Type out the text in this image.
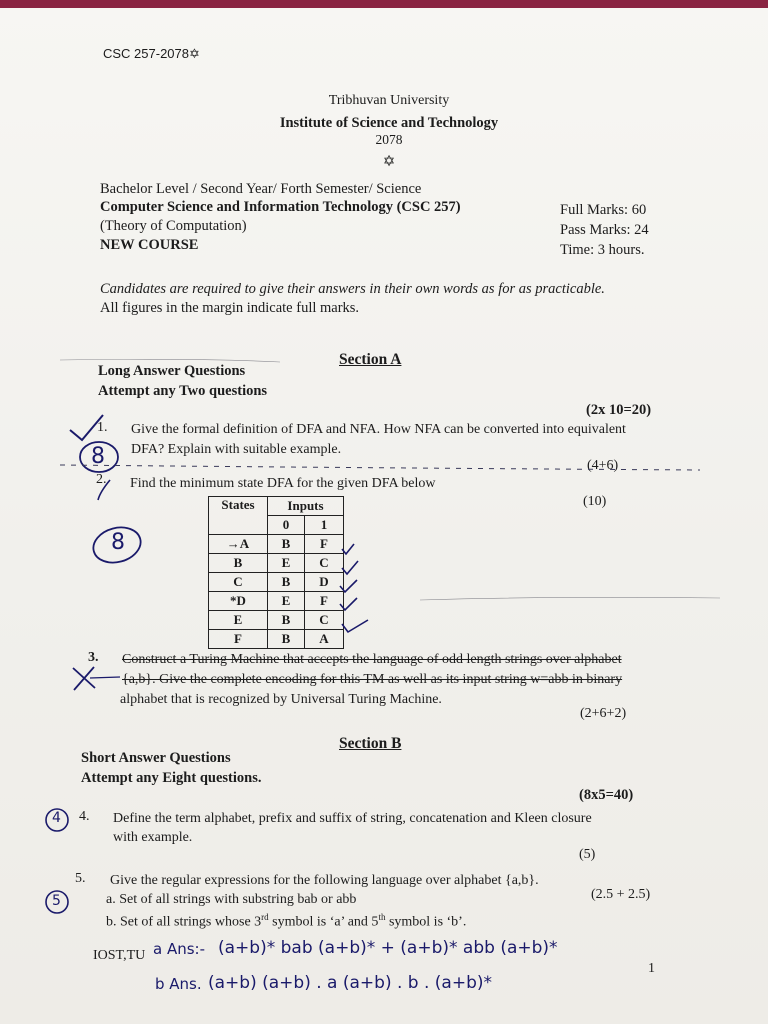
CSC 257-2078✡
Tribhuvan University
Institute of Science and Technology
2078
✡
Bachelor Level / Second Year/ Forth Semester/ Science
Computer Science and Information Technology (CSC 257)
(Theory of Computation)
NEW COURSE
Full Marks: 60
Pass Marks: 24
Time: 3 hours.
Candidates are required to give their answers in their own words as for as practicable.
All figures in the margin indicate full marks.
Section A
Long Answer Questions
Attempt any Two questions
(2x 10=20)
1. Give the formal definition of DFA and NFA. How NFA can be converted into equivalent
DFA? Explain with suitable example.
(4+6)
2. Find the minimum state DFA for the given DFA below
(10)
States	Inputs	
	0	1
→A	B	F
B	E	C
C	B	D
*D	E	F
E	B	C
F	B	A
3. Construct a Turing Machine that accepts the language of odd length strings over alphabet
{a,b}. Give the complete encoding for this TM as well as its input string w=abb in binary
alphabet that is recognized by Universal Turing Machine.
(2+6+2)
Section B
Short Answer Questions
Attempt any Eight questions.
(8x5=40)
4. Define the term alphabet, prefix and suffix of string, concatenation and Kleen closure
with example.
(5)
5. Give the regular expressions for the following language over alphabet {a,b}.
(2.5 + 2.5)
a. Set of all strings with substring bab or abb
b. Set of all strings whose 3rd symbol is ‘a’ and 5th symbol is ‘b’.
IOST,TU
1
a Ans:- (a+b)* bab (a+b)* + (a+b)* abb (a+b)*
b Ans. (a+b) (a+b) . a (a+b) . b . (a+b)*
8
8
4
5
